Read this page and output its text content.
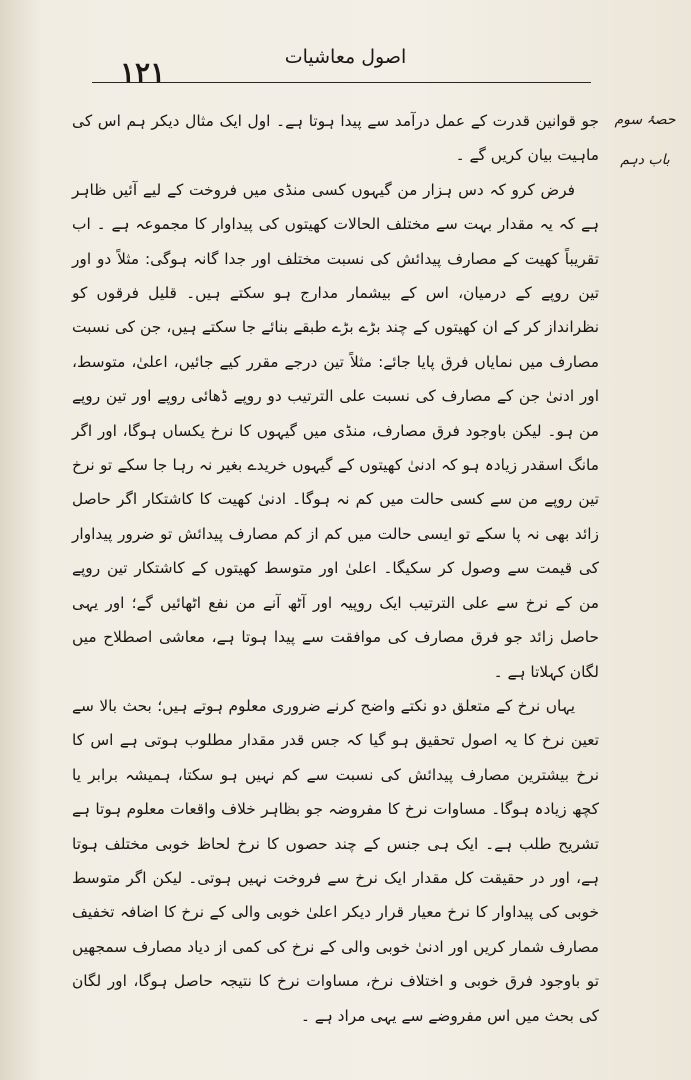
۱۲۱	اصول معاشیات
حصۂ سوم
باب دہم

جو قوانین قدرت کے عمل درآمد سے پیدا ہوتا ہے۔ اول ایک مثال دیکر ہم اس کی ماہیت بیان کریں گے ۔

فرض کرو کہ دس ہزار من گیہوں کسی منڈی میں فروخت کے لیے آئیں ظاہر ہے کہ یہ مقدار بہت سے مختلف الحالات کھیتوں کی پیداوار کا مجموعہ ہے ۔ اب تقریباً کھیت کے مصارف پیدائش کی نسبت مختلف اور جدا گانہ ہوگی: مثلاً دو اور تین روپے کے درمیان، اس کے بیشمار مدارج ہو سکتے ہیں۔ قلیل فرقوں کو نظرانداز کر کے ان کھیتوں کے چند بڑے بڑے طبقے بنائے جا سکتے ہیں، جن کی نسبت مصارف میں نمایاں فرق پایا جائے: مثلاً تین درجے مقرر کیے جائیں، اعلیٰ، متوسط، اور ادنیٰ جن کے مصارف کی نسبت علی الترتیب دو روپے ڈھائی روپے اور تین روپے من ہو۔ لیکن باوجود فرق مصارف، منڈی میں گیہوں کا نرخ یکساں ہوگا، اور اگر مانگ اسقدر زیادہ ہو کہ ادنیٰ کھیتوں کے گیہوں خریدے بغیر نہ رہا جا سکے تو نرخ تین روپے من سے کسی حالت میں کم نہ ہوگا۔ ادنیٰ کھیت کا کاشتکار اگر حاصل زائد بھی نہ پا سکے تو ایسی حالت میں کم از کم مصارف پیدائش تو ضرور پیداوار کی قیمت سے وصول کر سکیگا۔ اعلیٰ اور متوسط کھیتوں کے کاشتکار تین روپے من کے نرخ سے علی الترتیب ایک روپیہ اور آٹھ آنے من نفع اٹھائیں گے؛ اور یہی حاصل زائد جو فرق مصارف کی موافقت سے پیدا ہوتا ہے، معاشی اصطلاح میں لگان کہلاتا ہے ۔

یہاں نرخ کے متعلق دو نکتے واضح کرنے ضروری معلوم ہوتے ہیں؛ بحث بالا سے تعین نرخ کا یہ اصول تحقیق ہو گیا کہ جس قدر مقدار مطلوب ہوتی ہے اس کا نرخ بیشترین مصارف پیدائش کی نسبت سے کم نہیں ہو سکتا، ہمیشہ برابر یا کچھ زیادہ ہوگا۔ مساوات نرخ کا مفروضہ جو بظاہر خلاف واقعات معلوم ہوتا ہے تشریح طلب ہے۔ ایک ہی جنس کے چند حصوں کا نرخ لحاظ خوبی مختلف ہوتا ہے، اور در حقیقت کل مقدار ایک نرخ سے فروخت نہیں ہوتی۔ لیکن اگر متوسط خوبی کی پیداوار کا نرخ معیار قرار دیکر اعلیٰ خوبی والی کے نرخ کا اضافہ تخفیف مصارف شمار کریں اور ادنیٰ خوبی والی کے نرخ کی کمی از دیاد مصارف سمجھیں تو باوجود فرق خوبی و اختلاف نرخ، مساوات نرخ کا نتیجہ حاصل ہوگا، اور لگان کی بحث میں اس مفروضے سے یہی مراد ہے ۔
